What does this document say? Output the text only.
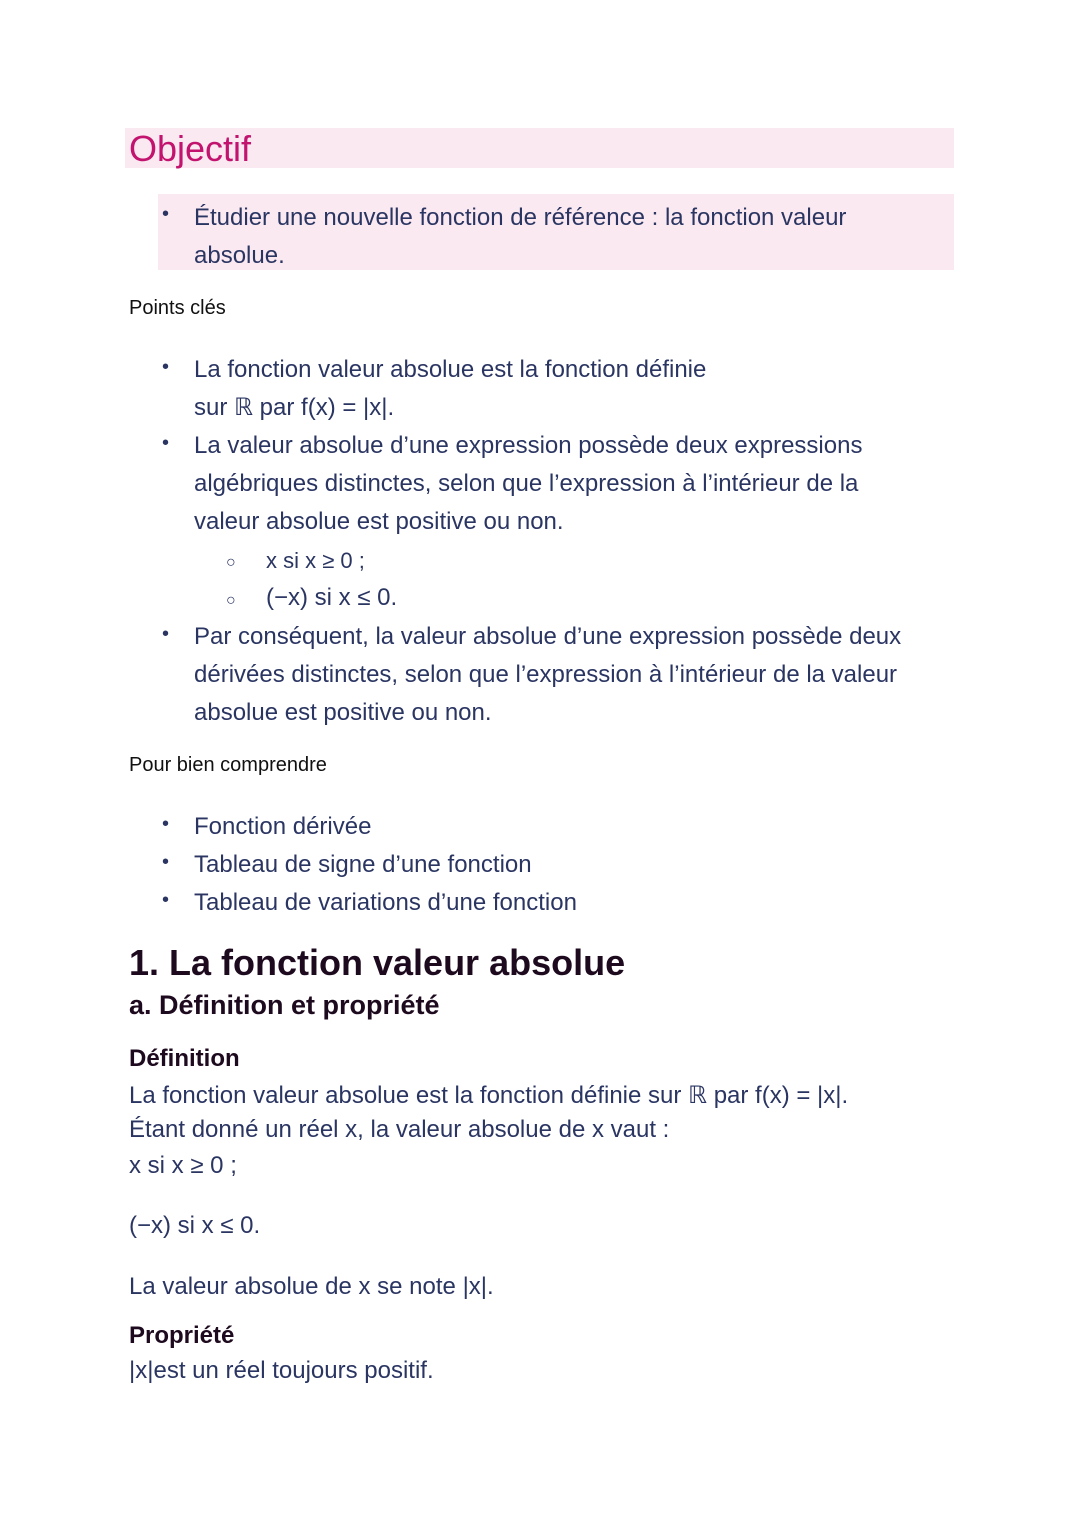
Objectif
• Étudier une nouvelle fonction de référence : la fonction valeur
absolue.
Points clés
• La fonction valeur absolue est la fonction définie
sur ℝ par f(x) = |x|.
• La valeur absolue d’une expression possède deux expressions
algébriques distinctes, selon que l’expression à l’intérieur de la
valeur absolue est positive ou non.
○ x si x ≥ 0 ;
○ (−x) si x ≤ 0.
• Par conséquent, la valeur absolue d’une expression possède deux
dérivées distinctes, selon que l’expression à l’intérieur de la valeur
absolue est positive ou non.
Pour bien comprendre
• Fonction dérivée
• Tableau de signe d’une fonction
• Tableau de variations d’une fonction
1. La fonction valeur absolue
a. Définition et propriété
Définition
La fonction valeur absolue est la fonction définie sur ℝ par f(x) = |x|.
Étant donné un réel x, la valeur absolue de x vaut :
x si x ≥ 0 ;
(−x) si x ≤ 0.
La valeur absolue de x se note |x|.
Propriété
|x|est un réel toujours positif.
